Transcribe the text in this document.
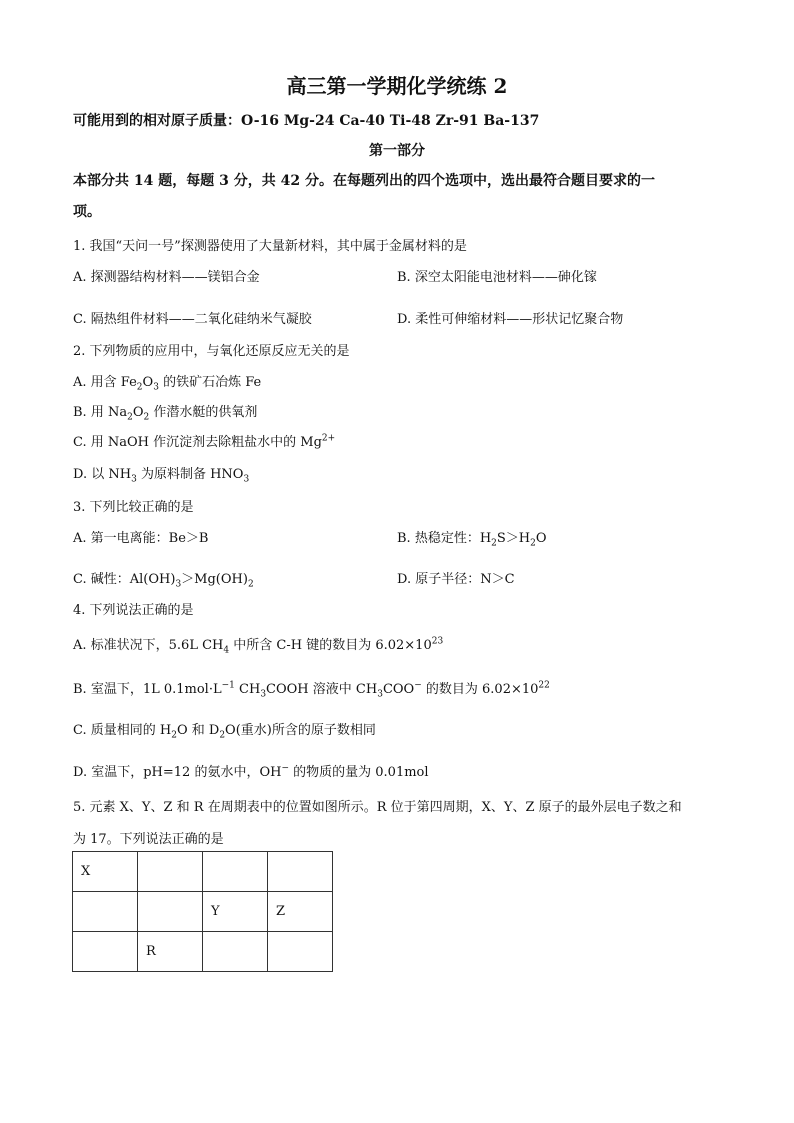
高三第一学期化学统练 2
可能用到的相对原子质量：O-16 Mg-24 Ca-40 Ti-48 Zr-91 Ba-137
第一部分
本部分共 14 题，每题 3 分，共 42 分。在每题列出的四个选项中，选出最符合题目要求的一
项。
1. 我国“天问一号”探测器使用了大量新材料，其中属于金属材料的是
A. 探测器结构材料——镁铝合金	B. 深空太阳能电池材料——砷化镓
C. 隔热组件材料——二氧化硅纳米气凝胶	D. 柔性可伸缩材料——形状记忆聚合物
2. 下列物质的应用中，与氧化还原反应无关的是
A. 用含 $Fe_2O_3$ 的铁矿石冶炼 Fe
B. 用 $Na_2O_2$ 作潜水艇的供氧剂
C. 用 NaOH 作沉淀剂去除粗盐水中的 $Mg^{2+}$
D. 以 $NH_3$ 为原料制备 $HNO_3$
3. 下列比较正确的是
A. 第一电离能：Be＞B	B. 热稳定性：$H_2S>H_2O$
C. 碱性：$Al(OH)_3>Mg(OH)_2$	D. 原子半径：N＞C
4. 下列说法正确的是
A. 标准状况下，5.6L $CH_4$ 中所含 C-H 键的数目为 $6.02\times 10^{23}$
B. 室温下，1L $0.1mol\cdot L^{-1}$ $CH_3COOH$ 溶液中 $CH_3COO^-$ 的数目为 $6.02\times 10^{22}$
C. 质量相同的 $H_2O$ 和 $D_2O$(重水)所含的原子数相同
D. 室温下，pH=12 的氨水中，OH− 的物质的量为 0.01mol
5. 元素 X、Y、Z 和 R 在周期表中的位置如图所示。R 位于第四周期，X、Y、Z 原子的最外层电子数之和
为 17。下列说法正确的是
X			
		Y	Z
	R		
